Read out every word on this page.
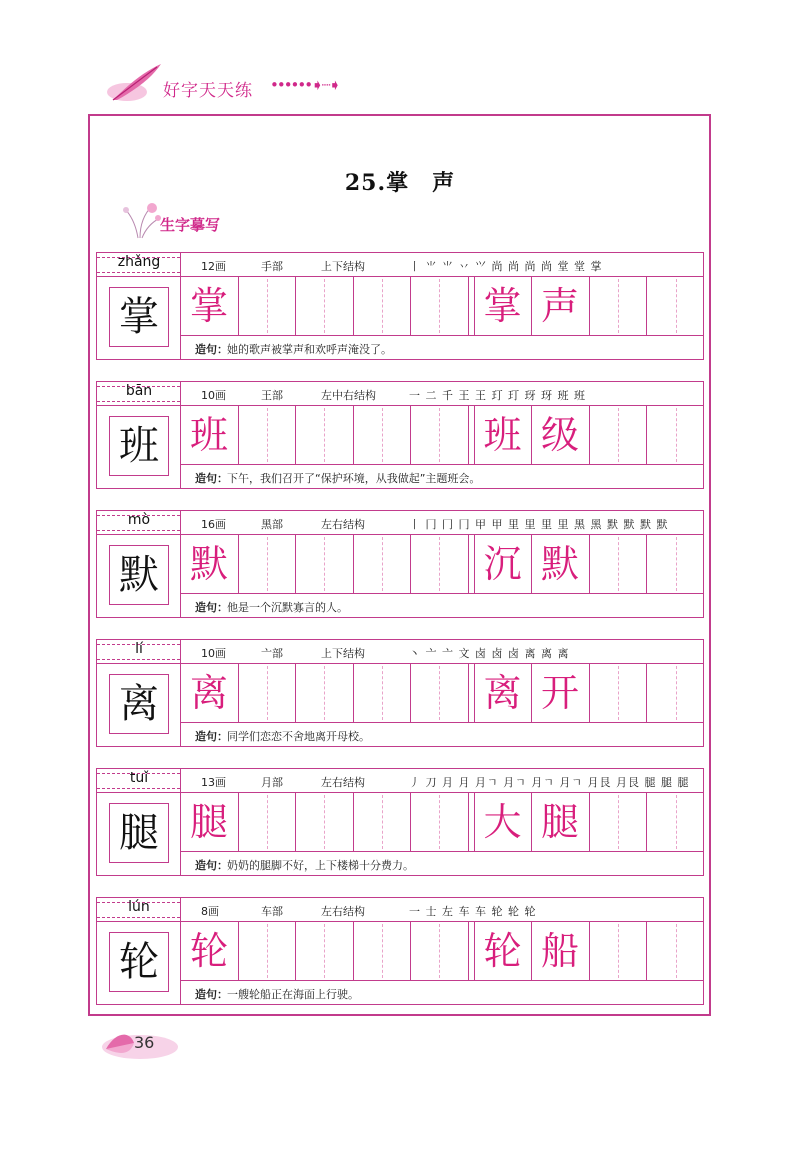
好字天天练 ••••••➧┈➧
25.掌　声
生字摹写
zhǎng
掌
12画	手部	上下结构	丨 ⺌ ⺌ 丷 ⺍ 尚 尚 尚 尚 堂 堂 掌
掌	掌 声
造句： 她的歌声被掌声和欢呼声淹没了。
bān
班
10画	王部	左中右结构	一 二 千 王 王 玎 玎 玡 玡 班 班
班	班 级
造句： 下午，我们召开了“保护环境，从我做起”主题班会。
mò
默
16画	黑部	左右结构	丨 冂 冂 冂 甲 甲 里 里 里 里 黑 黑 默 默 默 默
默	沉 默
造句： 他是一个沉默寡言的人。
lí
离
10画	亠部	上下结构	丶 亠 亠 文 卤 卤 卤 离 离 离
离	离 开
造句： 同学们恋恋不舍地离开母校。
tuǐ
腿
13画	月部	左右结构	丿 刀 月 月 月ㄱ 月ㄱ 月ㄱ 月ㄱ 月艮 月艮 腿 腿 腿
腿	大 腿
造句： 奶奶的腿脚不好，上下楼梯十分费力。
lún
轮
8画	车部	左右结构	一 士 左 车 车 轮 轮 轮
轮	轮 船
造句： 一艘轮船正在海面上行驶。
36
